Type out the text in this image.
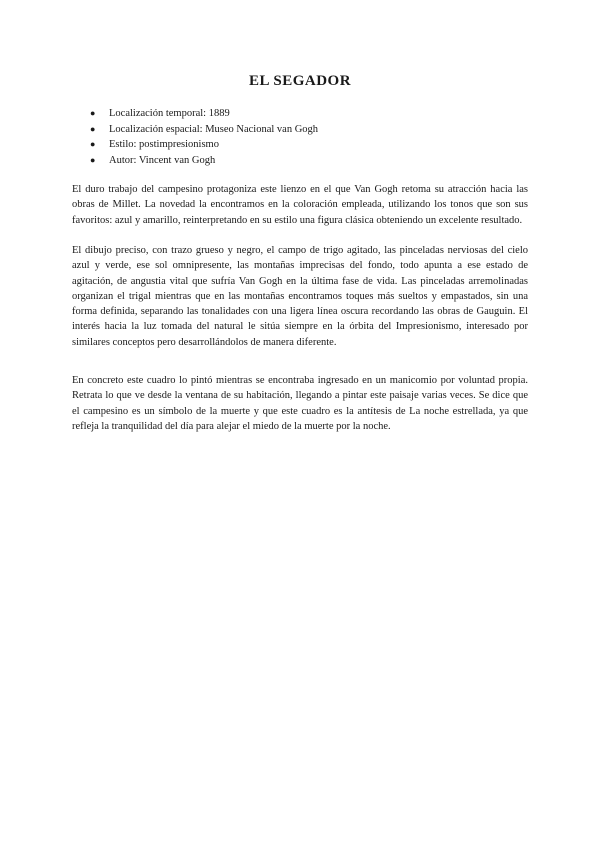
EL SEGADOR
● Localización temporal: 1889
● Localización espacial: Museo Nacional van Gogh
● Estilo: postimpresionismo
● Autor: Vincent van Gogh

El duro trabajo del campesino protagoniza este lienzo en el que Van Gogh retoma su atracción hacia las obras de Millet. La novedad la encontramos en la coloración empleada, utilizando los tonos que son sus favoritos: azul y amarillo, reinterpretando en su estilo una figura clásica obteniendo un excelente resultado.

El dibujo preciso, con trazo grueso y negro, el campo de trigo agitado, las pinceladas nerviosas del cielo azul y verde, ese sol omnipresente, las montañas imprecisas del fondo, todo apunta a ese estado de agitación, de angustia vital que sufría Van Gogh en la última fase de vida. Las pinceladas arremolinadas organizan el trigal mientras que en las montañas encontramos toques más sueltos y empastados, sin una forma definida, separando las tonalidades con una ligera línea oscura recordando las obras de Gauguin. El interés hacia la luz tomada del natural le sitúa siempre en la órbita del Impresionismo, interesado por similares conceptos pero desarrollándolos de manera diferente.

En concreto este cuadro lo pintó mientras se encontraba ingresado en un manicomio por voluntad propia. Retrata lo que ve desde la ventana de su habitación, llegando a pintar este paisaje varias veces. Se dice que el campesino es un símbolo de la muerte y que este cuadro es la antítesis de La noche estrellada, ya que refleja la tranquilidad del día para alejar el miedo de la muerte por la noche.
